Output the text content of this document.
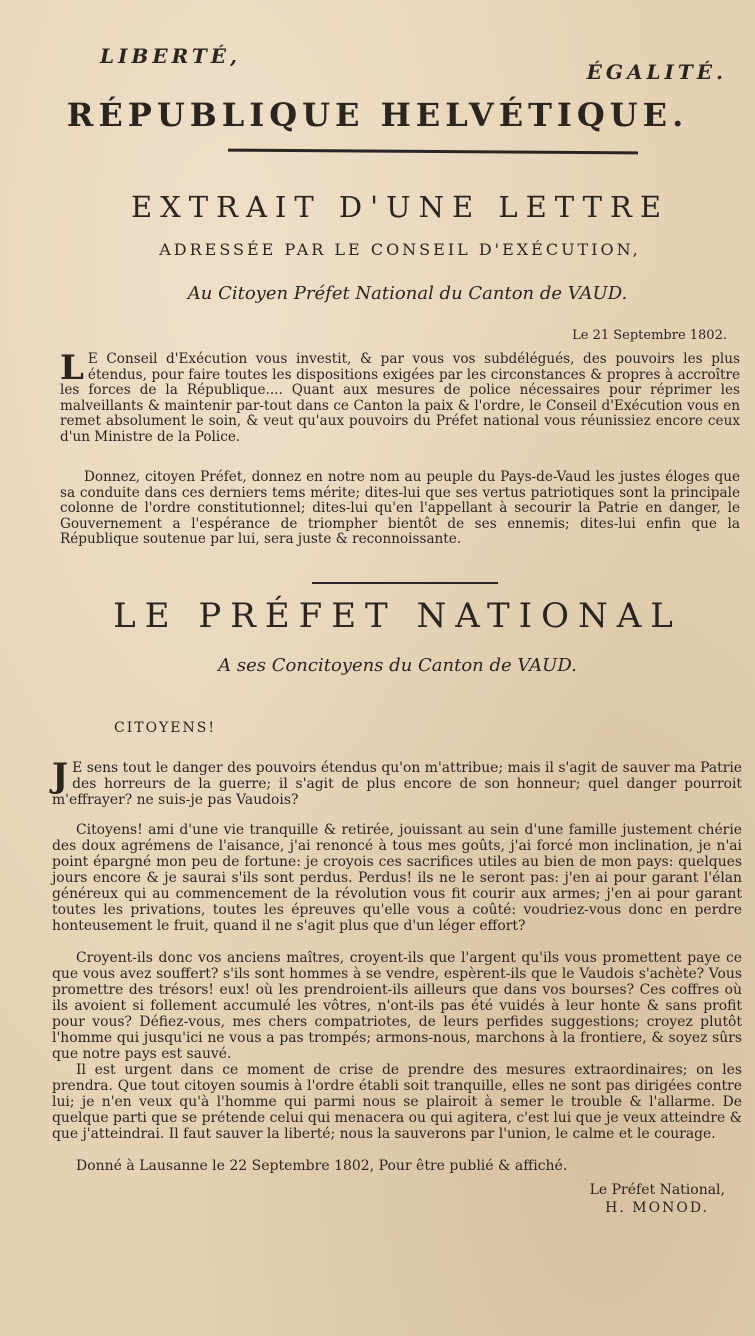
LIBERTÉ,
ÉGALITÉ.
RÉPUBLIQUE HELVÉTIQUE.
EXTRAIT D'UNE LETTRE
ADRESSÉE PAR LE CONSEIL D'EXÉCUTION,
Au Citoyen Préfet National du Canton de VAUD.
Le 21 Septembre 1802.
L E Conseil d'Exécution vous investit, & par vous vos subdélégués, des pouvoirs les plus étendus, pour faire toutes les dispositions exigées par les circonstances & propres à accroître les forces de la République.... Quant aux mesures de police nécessaires pour réprimer les malveillants & maintenir par-tout dans ce Canton la paix & l'ordre, le Conseil d'Exécution vous en remet absolument le soin, & veut qu'aux pouvoirs du Préfet national vous réunissiez encore ceux d'un Ministre de la Police.
Donnez, citoyen Préfet, donnez en notre nom au peuple du Pays-de-Vaud les justes éloges que sa conduite dans ces derniers tems mérite; dites-lui que ses vertus patriotiques sont la principale colonne de l'ordre constitutionnel; dites-lui qu'en l'appellant à secourir la Patrie en danger, le Gouvernement a l'espérance de triompher bientôt de ses ennemis; dites-lui enfin que la République soutenue par lui, sera juste & reconnoissante.
LE PRÉFET NATIONAL
A ses Concitoyens du Canton de VAUD.
CITOYENS!
J E sens tout le danger des pouvoirs étendus qu'on m'attribue; mais il s'agit de sauver ma Patrie des horreurs de la guerre; il s'agit de plus encore de son honneur; quel danger pourroit m'effrayer? ne suis-je pas Vaudois?
Citoyens! ami d'une vie tranquille & retirée, jouissant au sein d'une famille justement chérie des doux agrémens de l'aisance, j'ai renoncé à tous mes goûts, j'ai forcé mon inclination, je n'ai point épargné mon peu de fortune: je croyois ces sacrifices utiles au bien de mon pays: quelques jours encore & je saurai s'ils sont perdus. Perdus! ils ne le seront pas: j'en ai pour garant l'élan généreux qui au commencement de la révolution vous fit courir aux armes; j'en ai pour garant toutes les privations, toutes les épreuves qu'elle vous a coûté: voudriez-vous donc en perdre honteusement le fruit, quand il ne s'agit plus que d'un léger effort?
Croyent-ils donc vos anciens maîtres, croyent-ils que l'argent qu'ils vous promettent paye ce que vous avez souffert? s'ils sont hommes à se vendre, espèrent-ils que le Vaudois s'achète? Vous promettre des trésors! eux! où les prendroient-ils ailleurs que dans vos bourses? Ces coffres où ils avoient si follement accumulé les vôtres, n'ont-ils pas été vuidés à leur honte & sans profit pour vous? Défiez-vous, mes chers compatriotes, de leurs perfides suggestions; croyez plutôt l'homme qui jusqu'ici ne vous a pas trompés; armons-nous, marchons à la frontiere, & soyez sûrs que notre pays est sauvé.
Il est urgent dans ce moment de crise de prendre des mesures extraordinaires; on les prendra. Que tout citoyen soumis à l'ordre établi soit tranquille, elles ne sont pas dirigées contre lui; je n'en veux qu'à l'homme qui parmi nous se plairoit à semer le trouble & l'allarme. De quelque parti que se prétende celui qui menacera ou qui agitera, c'est lui que je veux atteindre & que j'atteindrai. Il faut sauver la liberté; nous la sauverons par l'union, le calme et le courage.
Donné à Lausanne le 22 Septembre 1802, Pour être publié & affiché.
Le Préfet National,
H. MONOD.
